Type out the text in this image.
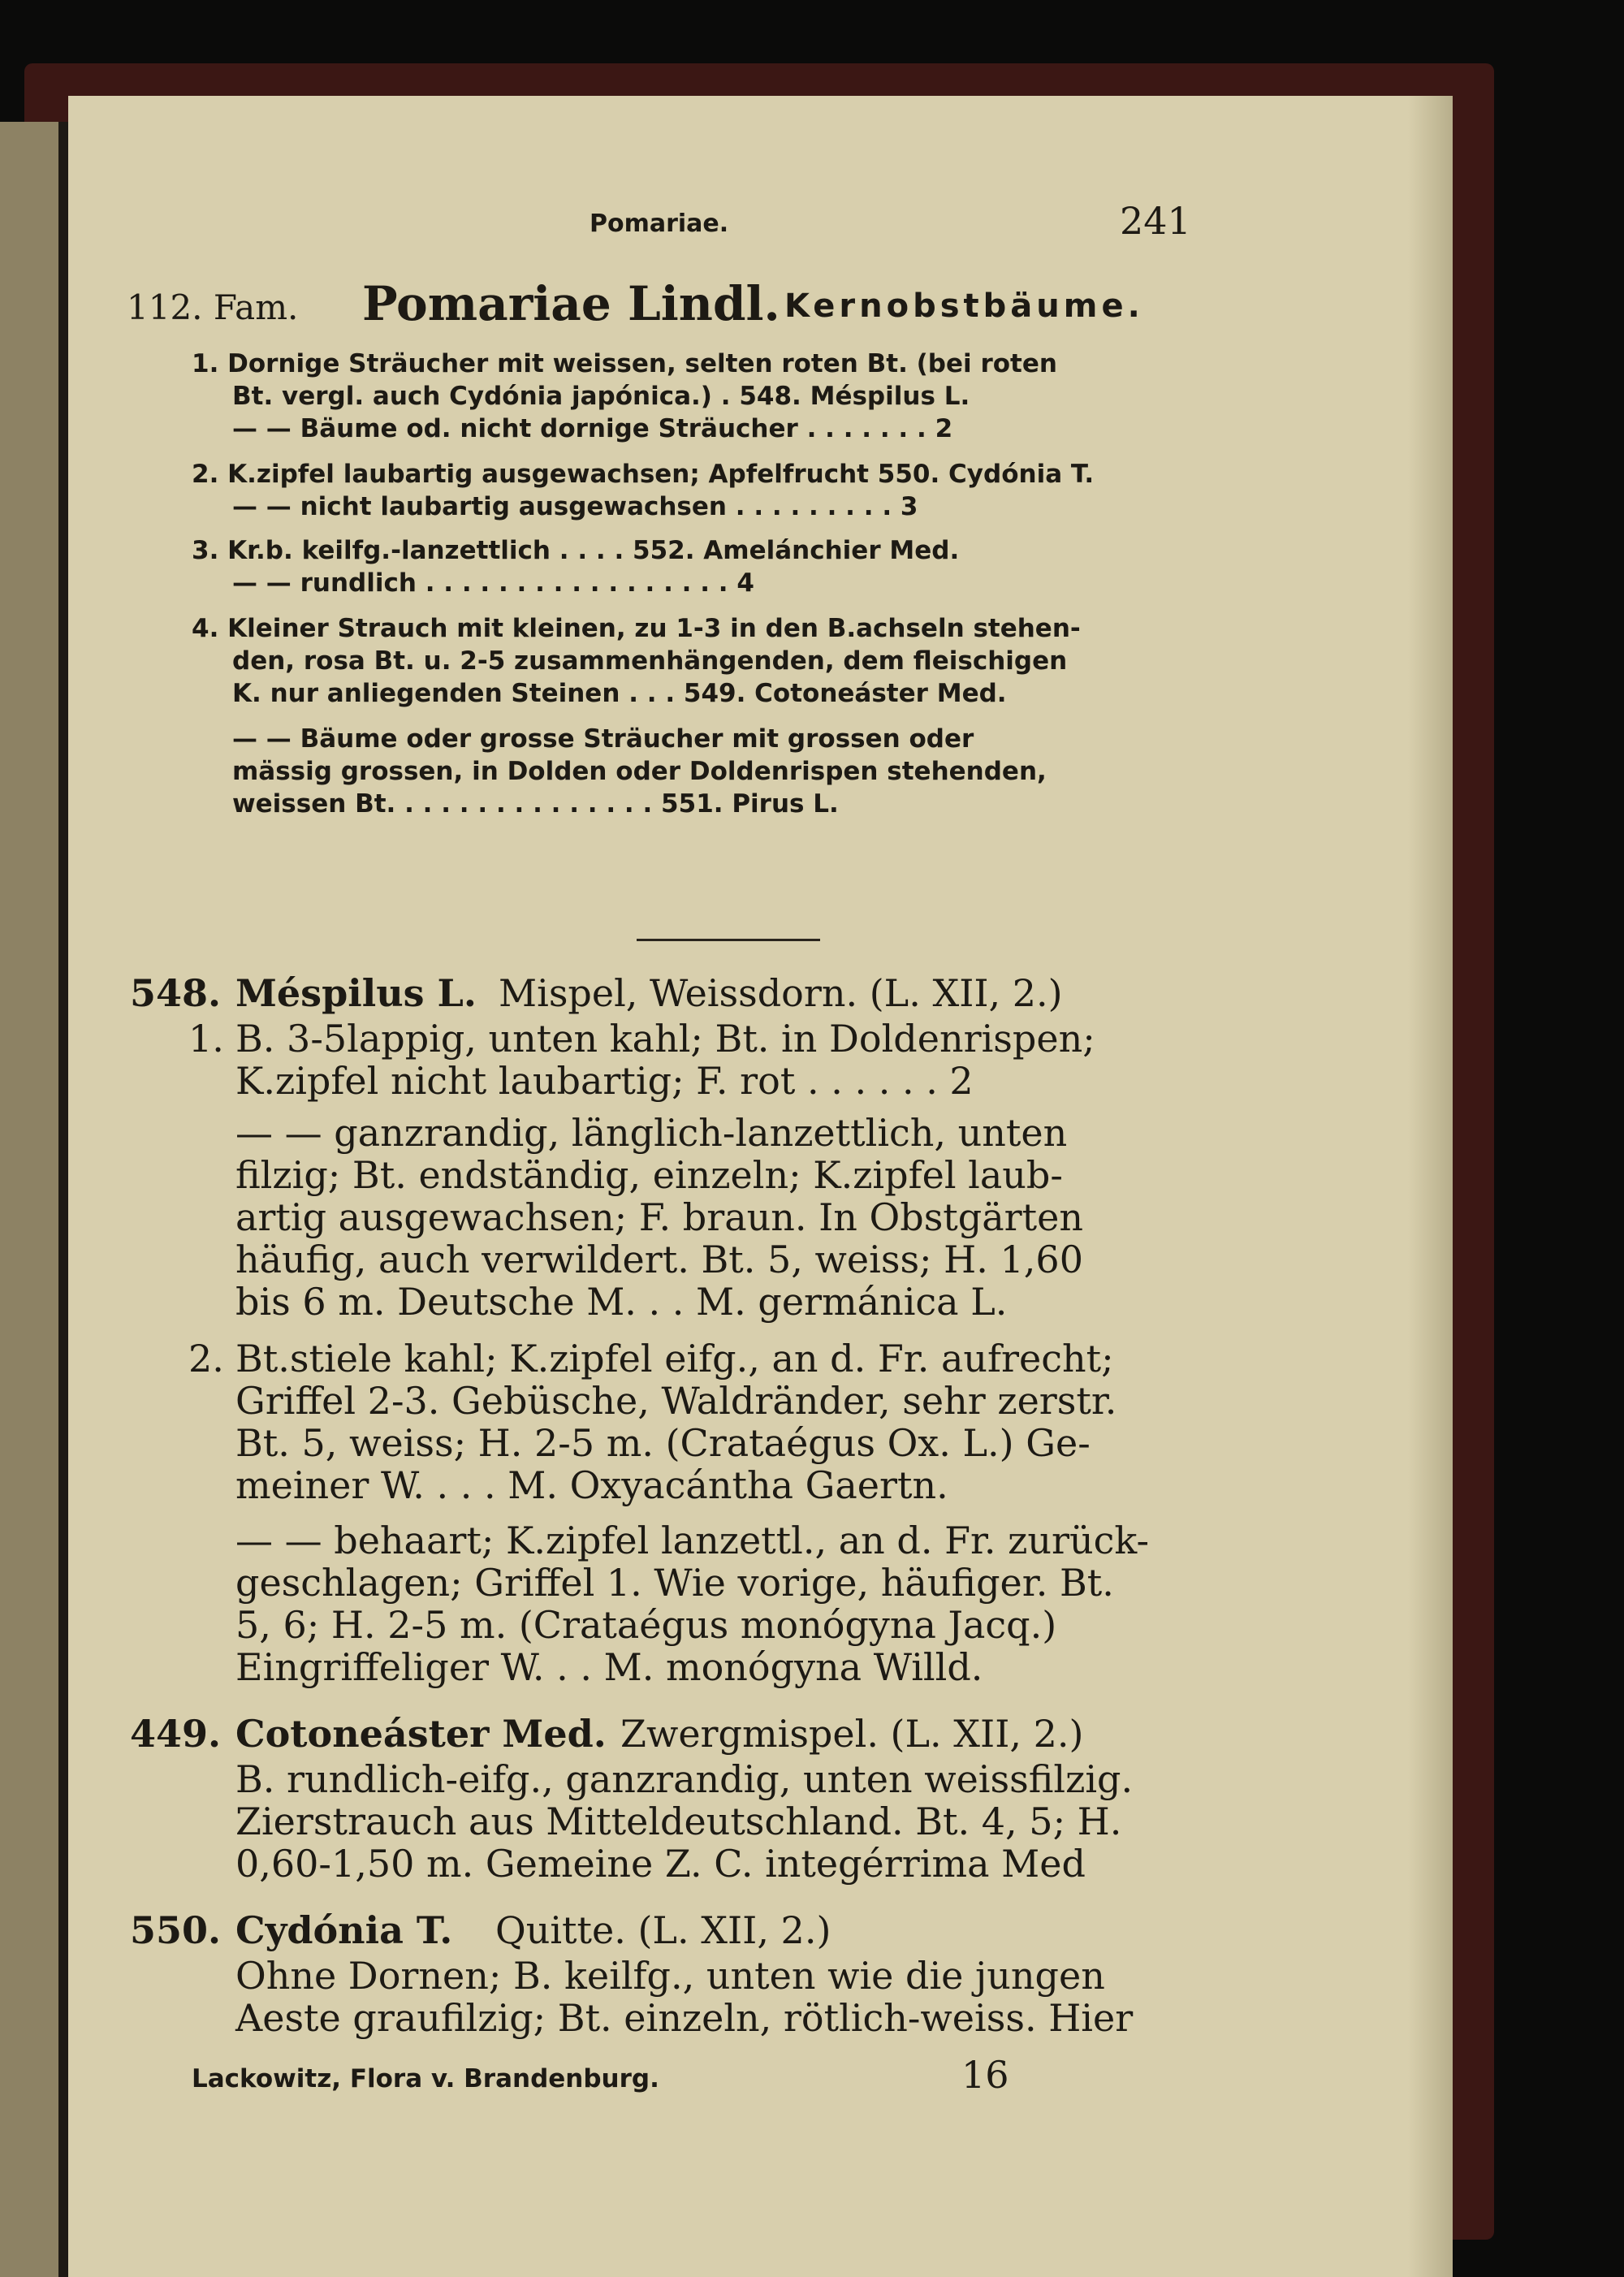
Pomariae.	241
112. Fam. Pomariae Lindl. Kernobstbäume.
1. Dornige Sträucher mit weissen, selten roten Bt. (bei roten
Bt. vergl. auch Cydónia japónica.) . 548. Méspilus L.
— — Bäume od. nicht dornige Sträucher . . . . . . . 2
2. K.zipfel laubartig ausgewachsen; Apfelfrucht 550. Cydónia T.
— — nicht laubartig ausgewachsen . . . . . . . . . 3
3. Kr.b. keilfg.-lanzettlich . . . . 552. Amelánchier Med.
— — rundlich . . . . . . . . . . . . . . . . . 4
4. Kleiner Strauch mit kleinen, zu 1-3 in den B.achseln stehen-
den, rosa Bt. u. 2-5 zusammenhängenden, dem fleischigen
K. nur anliegenden Steinen . . . 549. Cotoneáster Med.
— — Bäume oder grosse Sträucher mit grossen oder
mässig grossen, in Dolden oder Doldenrispen stehenden,
weissen Bt. . . . . . . . . . . . . . . 551. Pirus L.
548. Méspilus L. Mispel, Weissdorn. (L. XII, 2.)
1. B. 3-5lappig, unten kahl; Bt. in Doldenrispen;
K.zipfel nicht laubartig; F. rot . . . . . . 2
— — ganzrandig, länglich-lanzettlich, unten
filzig; Bt. endständig, einzeln; K.zipfel laub-
artig ausgewachsen; F. braun. In Obstgärten
häufig, auch verwildert. Bt. 5, weiss; H. 1,60
bis 6 m. Deutsche M. . . M. germánica L.
2. Bt.stiele kahl; K.zipfel eifg., an d. Fr. aufrecht;
Griffel 2-3. Gebüsche, Waldränder, sehr zerstr.
Bt. 5, weiss; H. 2-5 m. (Crataégus Ox. L.) Ge-
meiner W. . . . M. Oxyacántha Gaertn.
— — behaart; K.zipfel lanzettl., an d. Fr. zurück-
geschlagen; Griffel 1. Wie vorige, häufiger. Bt.
5, 6; H. 2-5 m. (Crataégus monógyna Jacq.)
Eingriffeliger W. . . M. monógyna Willd.
449. Cotoneáster Med. Zwergmispel. (L. XII, 2.)
B. rundlich-eifg., ganzrandig, unten weissfilzig.
Zierstrauch aus Mitteldeutschland. Bt. 4, 5; H.
0,60-1,50 m. Gemeine Z. C. integérrima Med
550. Cydónia T. Quitte. (L. XII, 2.)
Ohne Dornen; B. keilfg., unten wie die jungen
Aeste graufilzig; Bt. einzeln, rötlich-weiss. Hier
Lackowitz, Flora v. Brandenburg.	16
